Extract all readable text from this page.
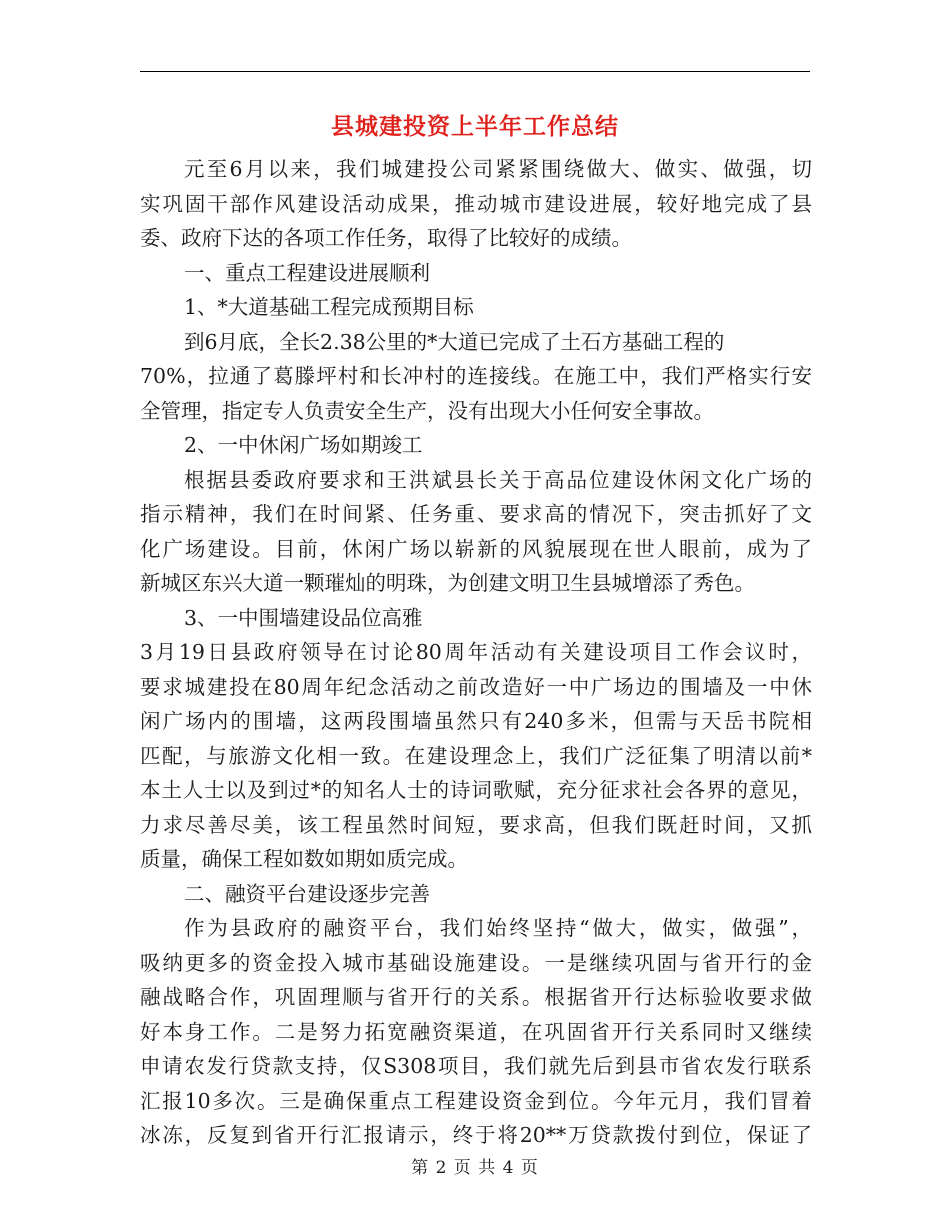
县城建投资上半年工作总结
元至6月以来，我们城建投公司紧紧围绕做大、做实、做强，切
实巩固干部作风建设活动成果，推动城市建设进展，较好地完成了县
委、政府下达的各项工作任务，取得了比较好的成绩。
一、重点工程建设进展顺利
1、*大道基础工程完成预期目标
到6月底，全长2.38公里的*大道已完成了土石方基础工程的
70%，拉通了葛滕坪村和长冲村的连接线。在施工中，我们严格实行安
全管理，指定专人负责安全生产，没有出现大小任何安全事故。
2、一中休闲广场如期竣工
根据县委政府要求和王洪斌县长关于高品位建设休闲文化广场的
指示精神，我们在时间紧、任务重、要求高的情况下，突击抓好了文
化广场建设。目前，休闲广场以崭新的风貌展现在世人眼前，成为了
新城区东兴大道一颗璀灿的明珠，为创建文明卫生县城增添了秀色。
3、一中围墙建设品位高雅
3月19日县政府领导在讨论80周年活动有关建设项目工作会议时，
要求城建投在80周年纪念活动之前改造好一中广场边的围墙及一中休
闲广场内的围墙，这两段围墙虽然只有240多米，但需与天岳书院相
匹配，与旅游文化相一致。在建设理念上，我们广泛征集了明清以前*
本土人士以及到过*的知名人士的诗词歌赋，充分征求社会各界的意见，
力求尽善尽美，该工程虽然时间短，要求高，但我们既赶时间，又抓
质量，确保工程如数如期如质完成。
二、融资平台建设逐步完善
作为县政府的融资平台，我们始终坚持“做大，做实，做强”，
吸纳更多的资金投入城市基础设施建设。一是继续巩固与省开行的金
融战略合作，巩固理顺与省开行的关系。根据省开行达标验收要求做
好本身工作。二是努力拓宽融资渠道，在巩固省开行关系同时又继续
申请农发行贷款支持，仅S308项目，我们就先后到县市省农发行联系
汇报10多次。三是确保重点工程建设资金到位。今年元月，我们冒着
冰冻，反复到省开行汇报请示，终于将20**万贷款拨付到位，保证了
第 2 页 共 4 页
